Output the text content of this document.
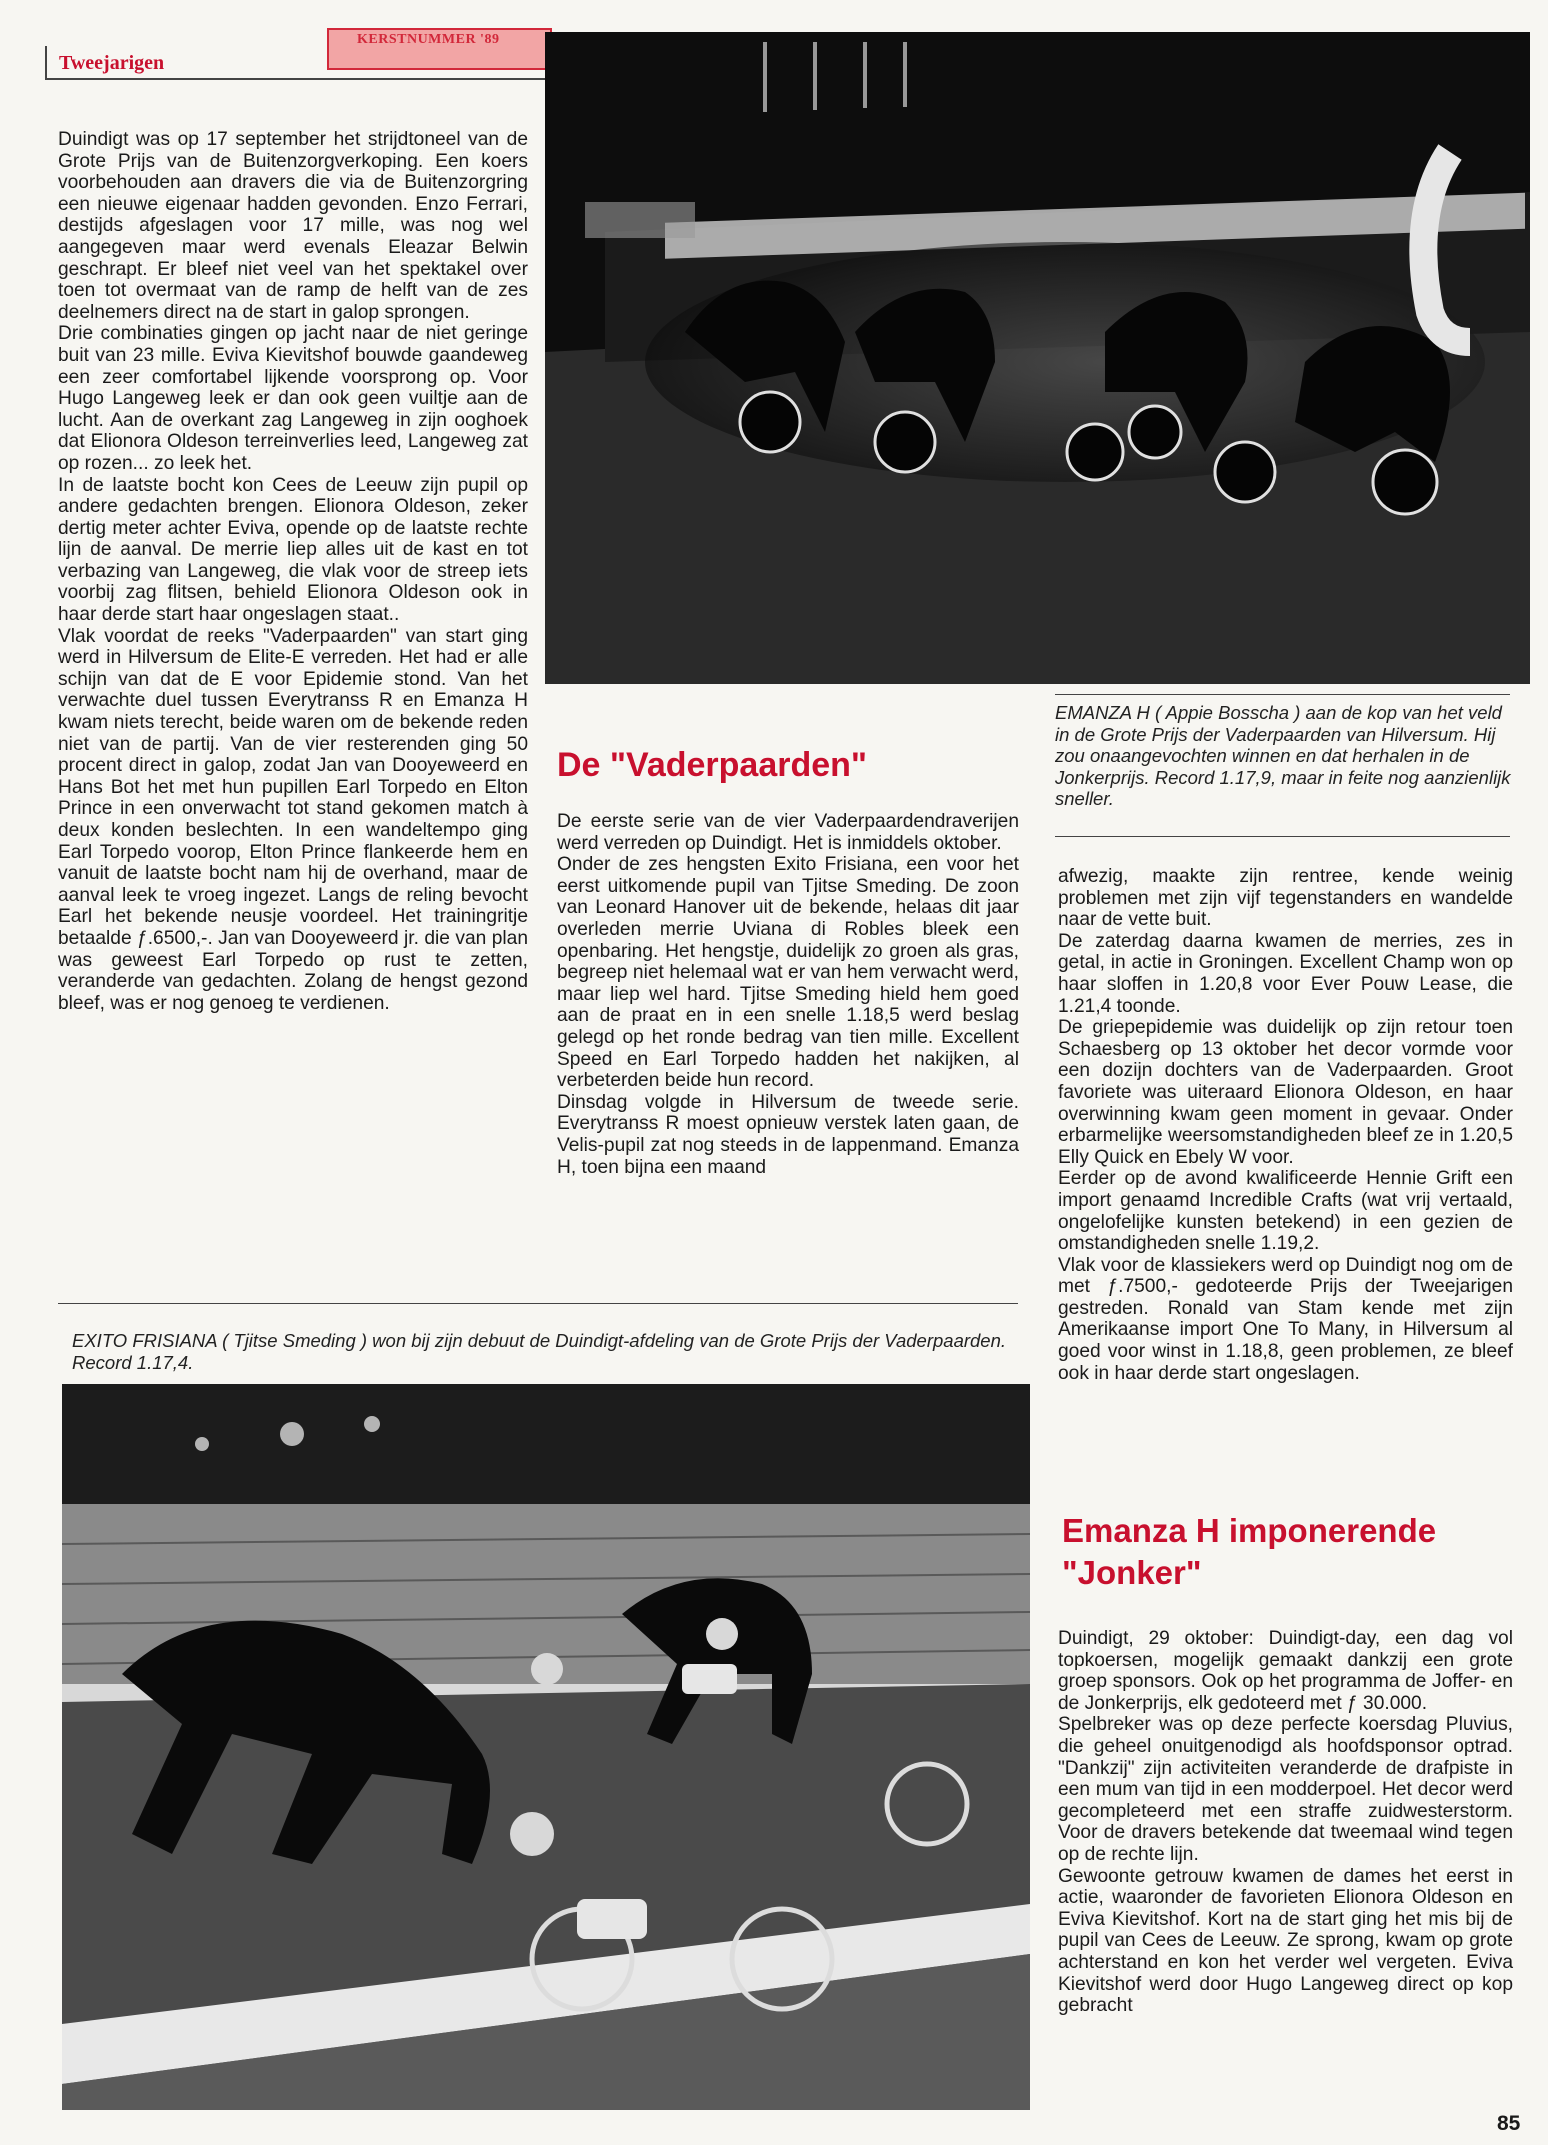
KERSTNUMMER '89
Tweejarigen

Duindigt was op 17 september het strijdtoneel van de Grote Prijs van de Buitenzorgverkoping. Een koers voorbehouden aan dravers die via de Buitenzorgring een nieuwe eigenaar hadden gevonden. Enzo Ferrari, destijds afgeslagen voor 17 mille, was nog wel aangegeven maar werd evenals Eleazar Belwin geschrapt. Er bleef niet veel van het spektakel over toen tot overmaat van de ramp de helft van de zes deelnemers direct na de start in galop sprongen.

Drie combinaties gingen op jacht naar de niet geringe buit van 23 mille. Eviva Kievitshof bouwde gaandeweg een zeer comfortabel lijkende voorsprong op. Voor Hugo Langeweg leek er dan ook geen vuiltje aan de lucht. Aan de overkant zag Langeweg in zijn ooghoek dat Elionora Oldeson terreinverlies leed, Langeweg zat op rozen... zo leek het.

In de laatste bocht kon Cees de Leeuw zijn pupil op andere gedachten brengen. Elionora Oldeson, zeker dertig meter achter Eviva, opende op de laatste rechte lijn de aanval. De merrie liep alles uit de kast en tot verbazing van Langeweg, die vlak voor de streep iets voorbij zag flitsen, behield Elionora Oldeson ook in haar derde start haar ongeslagen staat..

Vlak voordat de reeks "Vaderpaarden" van start ging werd in Hilversum de Elite-E verreden. Het had er alle schijn van dat de E voor Epidemie stond. Van het verwachte duel tussen Everytranss R en Emanza H kwam niets terecht, beide waren om de bekende reden niet van de partij. Van de vier resterenden ging 50 procent direct in galop, zodat Jan van Dooyeweerd en Hans Bot het met hun pupillen Earl Torpedo en Elton Prince in een onverwacht tot stand gekomen match à deux konden beslechten. In een wandeltempo ging Earl Torpedo voorop, Elton Prince flankeerde hem en vanuit de laatste bocht nam hij de overhand, maar de aanval leek te vroeg ingezet. Langs de reling bevocht Earl het bekende neusje voordeel. Het trainingritje betaalde ƒ.6500,-. Jan van Dooyeweerd jr. die van plan was geweest Earl Torpedo op rust te zetten, veranderde van gedachten. Zolang de hengst gezond bleef, was er nog genoeg te verdienen.

EMANZA H ( Appie Bosscha ) aan de kop van het veld in de Grote Prijs der Vaderpaarden van Hilversum. Hij zou onaangevochten winnen en dat herhalen in de Jonkerprijs. Record 1.17,9, maar in feite nog aanzienlijk sneller.
De "Vaderpaarden"

De eerste serie van de vier Vaderpaardendraverijen werd verreden op Duindigt. Het is inmiddels oktober.

Onder de zes hengsten Exito Frisiana, een voor het eerst uitkomende pupil van Tjitse Smeding. De zoon van Leonard Hanover uit de bekende, helaas dit jaar overleden merrie Uviana di Robles bleek een openbaring. Het hengstje, duidelijk zo groen als gras, begreep niet helemaal wat er van hem verwacht werd, maar liep wel hard. Tjitse Smeding hield hem goed aan de praat en in een snelle 1.18,5 werd beslag gelegd op het ronde bedrag van tien mille. Excellent Speed en Earl Torpedo hadden het nakijken, al verbeterden beide hun record.

Dinsdag volgde in Hilversum de tweede serie. Everytranss R moest opnieuw verstek laten gaan, de Velis-pupil zat nog steeds in de lappenmand. Emanza H, toen bijna een maand

afwezig, maakte zijn rentree, kende weinig problemen met zijn vijf tegenstanders en wandelde naar de vette buit.

De zaterdag daarna kwamen de merries, zes in getal, in actie in Groningen. Excellent Champ won op haar sloffen in 1.20,8 voor Ever Pouw Lease, die 1.21,4 toonde.

De griepepidemie was duidelijk op zijn retour toen Schaesberg op 13 oktober het decor vormde voor een dozijn dochters van de Vaderpaarden. Groot favoriete was uiteraard Elionora Oldeson, en haar overwinning kwam geen moment in gevaar. Onder erbarmelijke weersomstandigheden bleef ze in 1.20,5 Elly Quick en Ebely W voor.

Eerder op de avond kwalificeerde Hennie Grift een import genaamd Incredible Crafts (wat vrij vertaald, ongelofelijke kunsten betekend) in een gezien de omstandigheden snelle 1.19,2.

Vlak voor de klassiekers werd op Duindigt nog om de met ƒ.7500,- gedoteerde Prijs der Tweejarigen gestreden. Ronald van Stam kende met zijn Amerikaanse import One To Many, in Hilversum al goed voor winst in 1.18,8, geen problemen, ze bleef ook in haar derde start ongeslagen.

EXITO FRISIANA ( Tjitse Smeding ) won bij zijn debuut de Duindigt-afdeling van de Grote Prijs der Vaderpaarden. Record 1.17,4.
Emanza H imponerende
"Jonker"

Duindigt, 29 oktober: Duindigt-day, een dag vol topkoersen, mogelijk gemaakt dankzij een grote groep sponsors. Ook op het programma de Joffer- en de Jonkerprijs, elk gedoteerd met ƒ 30.000.

Spelbreker was op deze perfecte koersdag Pluvius, die geheel onuitgenodigd als hoofdsponsor optrad. "Dankzij" zijn activiteiten veranderde de drafpiste in een mum van tijd in een modderpoel. Het decor werd gecompleteerd met een straffe zuidwesterstorm. Voor de dravers betekende dat tweemaal wind tegen op de rechte lijn.

Gewoonte getrouw kwamen de dames het eerst in actie, waaronder de favorieten Elionora Oldeson en Eviva Kievitshof. Kort na de start ging het mis bij de pupil van Cees de Leeuw. Ze sprong, kwam op grote achterstand en kon het verder wel vergeten. Eviva Kievitshof werd door Hugo Langeweg direct op kop gebracht

85
